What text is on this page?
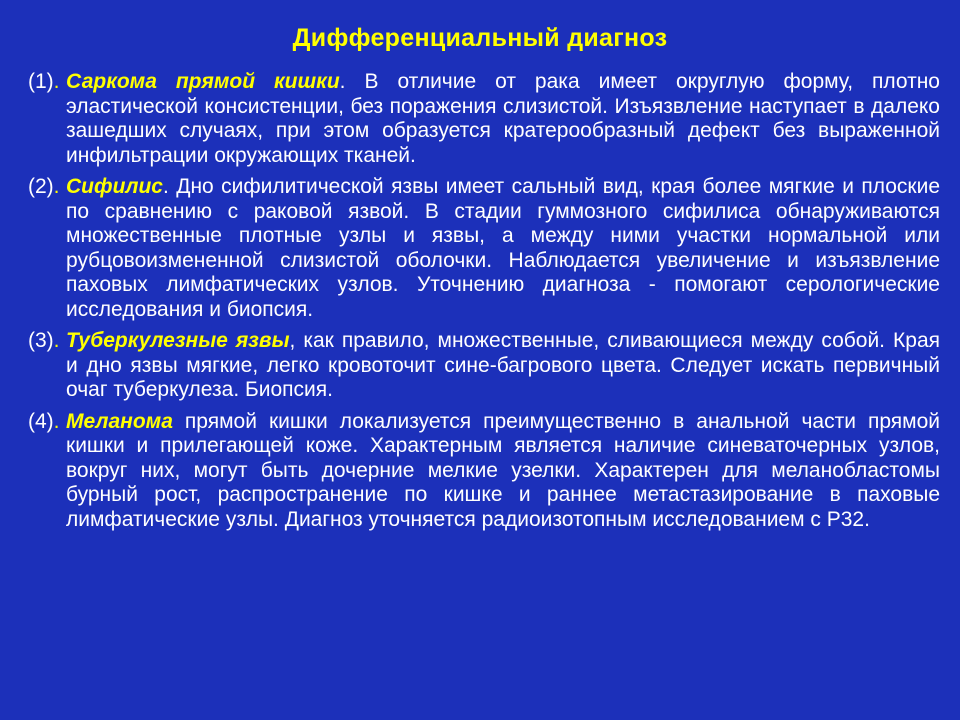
Дифференциальный диагноз
(1). Саркома прямой кишки. В отличие от рака имеет округлую форму, плотно эластической консистенции, без поражения слизистой. Изъязвление наступает в далеко зашедших случаях, при этом образуется кратерообразный дефект без выраженной инфильтрации окружающих тканей.
(2). Сифилис. Дно сифилитической язвы имеет сальный вид, края более мягкие и плоские по сравнению с раковой язвой. В стадии гуммозного сифилиса обнаруживаются множественные плотные узлы и язвы, а между ними участки нормальной или рубцовоизмененной слизистой оболочки. Наблюдается увеличение и изъязвление паховых лимфатических узлов. Уточнению диагноза - помогают серологические исследования и биопсия.
(3). Туберкулезные язвы, как правило, множественные, сливающиеся между собой. Края и дно язвы мягкие, легко кровоточит сине-багрового цвета. Следует искать первичный очаг туберкулеза. Биопсия.
(4). Меланома прямой кишки локализуется преимущественно в анальной части прямой кишки и прилегающей коже. Характерным является наличие синеваточерных узлов, вокруг них, могут быть дочерние мелкие узелки. Характерен для меланобластомы бурный рост, распространение по кишке и раннее метастазирование в паховые лимфатические узлы. Диагноз уточняется радиоизотопным исследованием с Р32.
